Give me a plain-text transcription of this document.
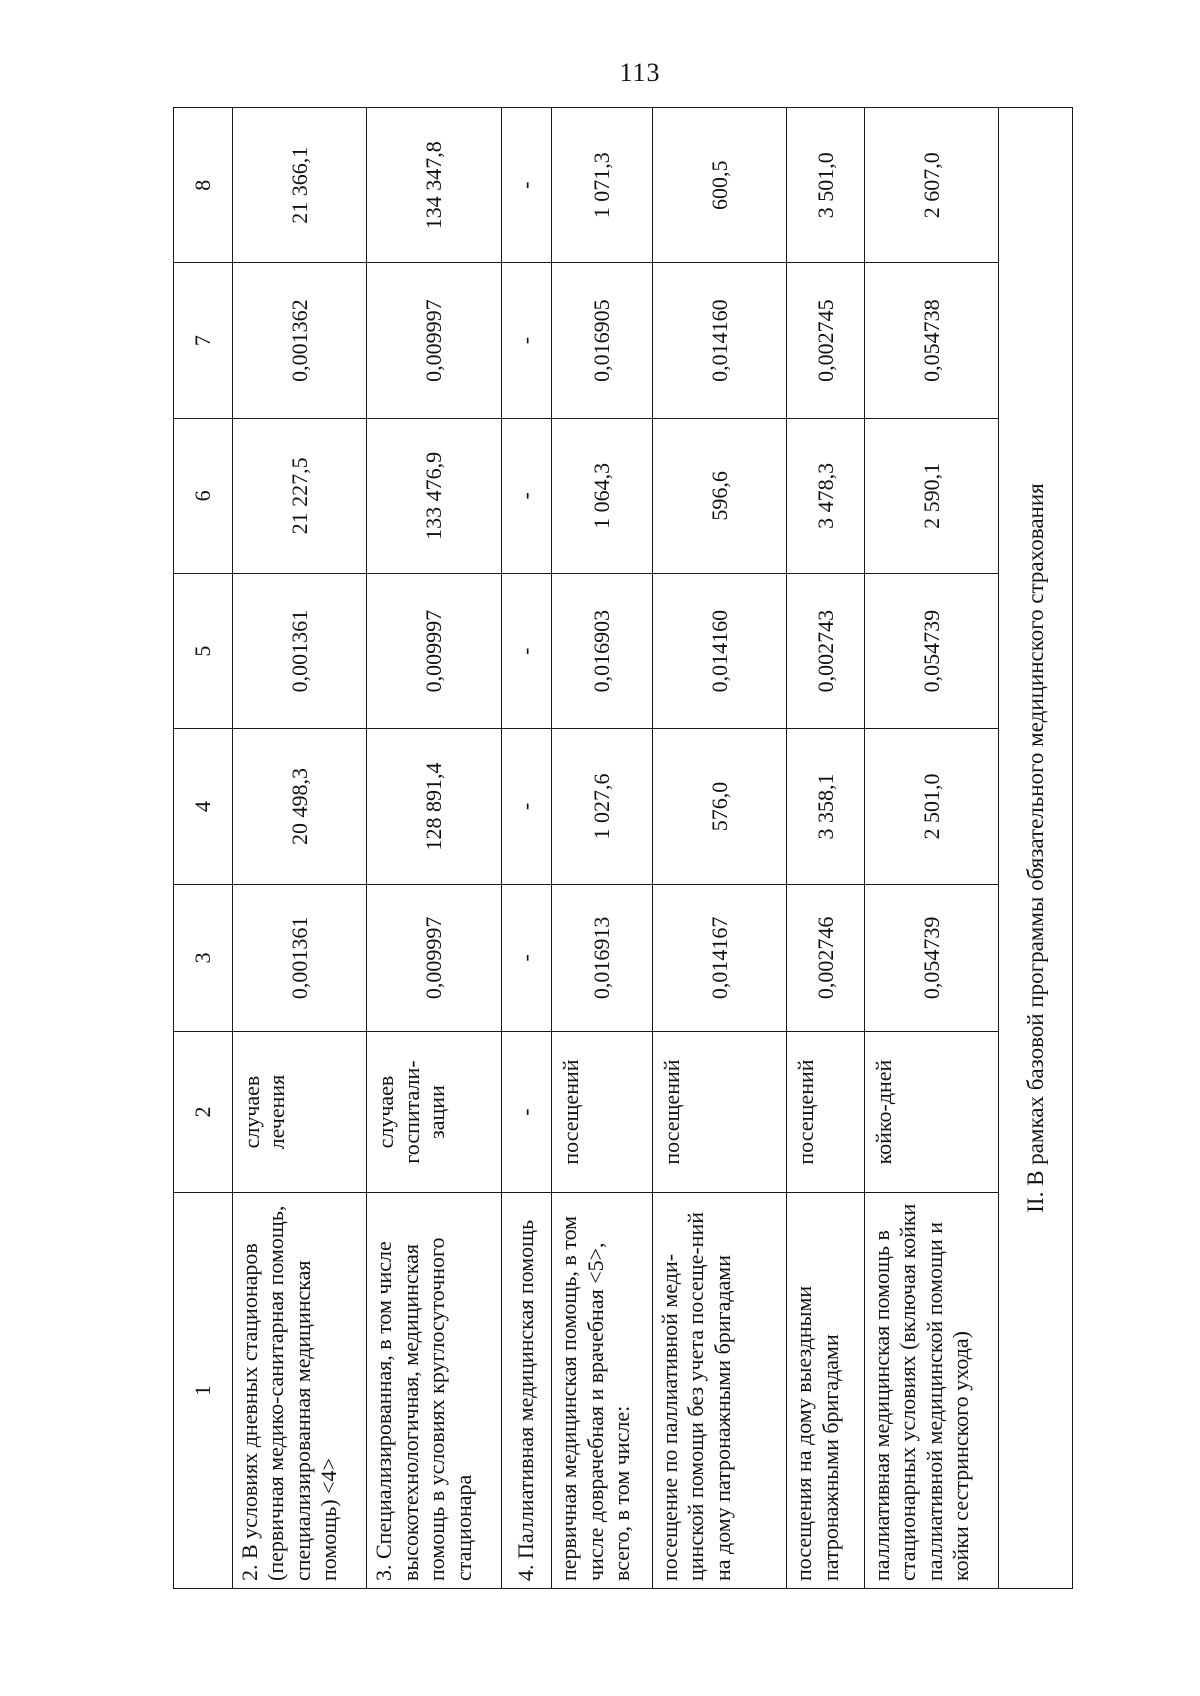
113
1	2	3	4	5	6	7	8
2. В условиях дневных стационаров (первичная медико-санитарная помощь, специализированная медицинская помощь) <4>	случаев лечения	0,001361	20 498,3	0,001361	21 227,5	0,001362	21 366,1
3. Специализированная, в том числе высокотехнологичная, медицинская помощь в условиях круглосуточного стационара	случаев госпитали-зации	0,009997	128 891,4	0,009997	133 476,9	0,009997	134 347,8
4. Паллиативная медицинская помощь	-	-	-	-	-	-	-
первичная медицинская помощь, в том числе доврачебная и врачебная <5>, всего, в том числе:	посещений	0,016913	1 027,6	0,016903	1 064,3	0,016905	1 071,3
посещение по паллиативной меди-цинской помощи без учета посеще-ний на дому патронажными бригадами	посещений	0,014167	576,0	0,014160	596,6	0,014160	600,5
посещения на дому выездными патронажными бригадами	посещений	0,002746	3 358,1	0,002743	3 478,3	0,002745	3 501,0
паллиативная медицинская помощь в стационарных условиях (включая койки паллиативной медицинской помощи и койки сестринского ухода)	койко-дней	0,054739	2 501,0	0,054739	2 590,1	0,054738	2 607,0
II. В рамках базовой программы обязательного медицинского страхования							
